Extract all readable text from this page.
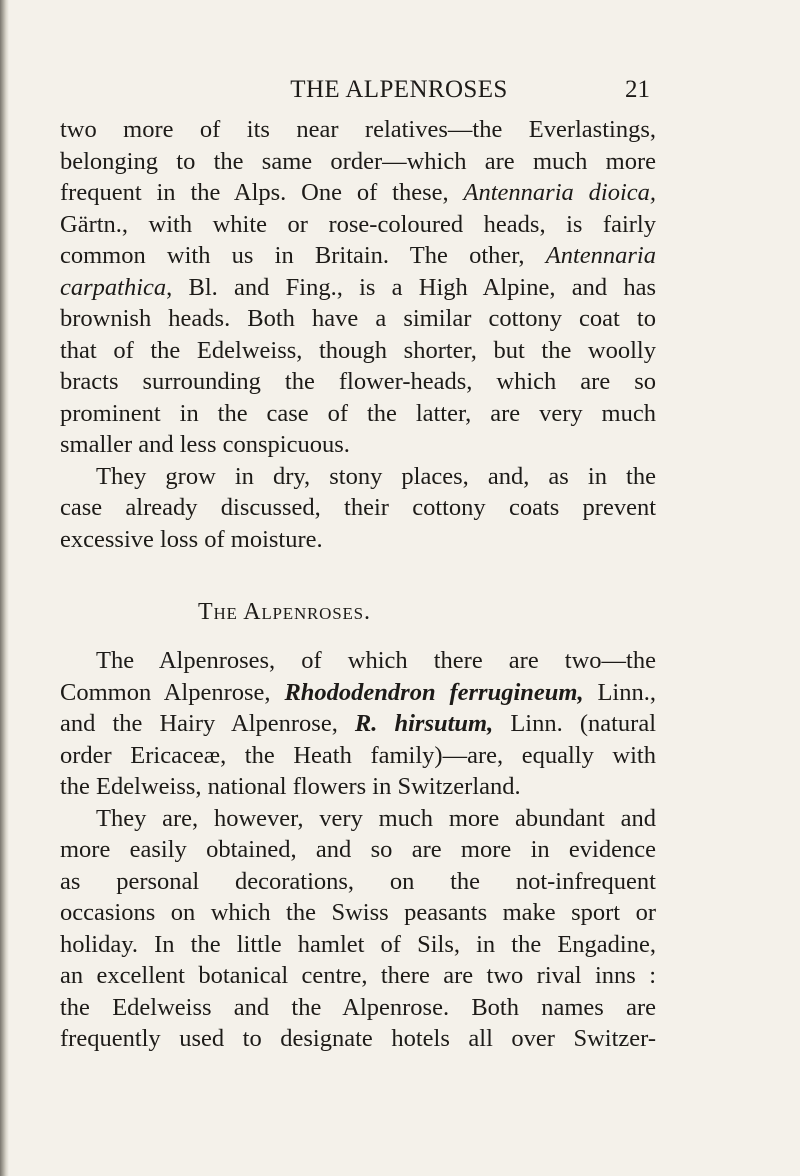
THE ALPENROSES	21
two more of its near relatives—the Everlastings,
belonging to the same order—which are much more
frequent in the Alps. One of these, Antennaria dioica,
Gärtn., with white or rose-coloured heads, is fairly
common with us in Britain. The other, Antennaria
carpathica, Bl. and Fing., is a High Alpine, and has
brownish heads. Both have a similar cottony coat to
that of the Edelweiss, though shorter, but the woolly
bracts surrounding the flower-heads, which are so
prominent in the case of the latter, are very much
smaller and less conspicuous.
They grow in dry, stony places, and, as in the
case already discussed, their cottony coats prevent
excessive loss of moisture.
The Alpenroses.
The Alpenroses, of which there are two—the
Common Alpenrose, Rhododendron ferrugineum, Linn.,
and the Hairy Alpenrose, R. hirsutum, Linn. (natural
order Ericaceæ, the Heath family)—are, equally with
the Edelweiss, national flowers in Switzerland.
They are, however, very much more abundant and
more easily obtained, and so are more in evidence
as personal decorations, on the not-infrequent
occasions on which the Swiss peasants make sport or
holiday. In the little hamlet of Sils, in the Engadine,
an excellent botanical centre, there are two rival inns :
the Edelweiss and the Alpenrose. Both names are
frequently used to designate hotels all over Switzer-
